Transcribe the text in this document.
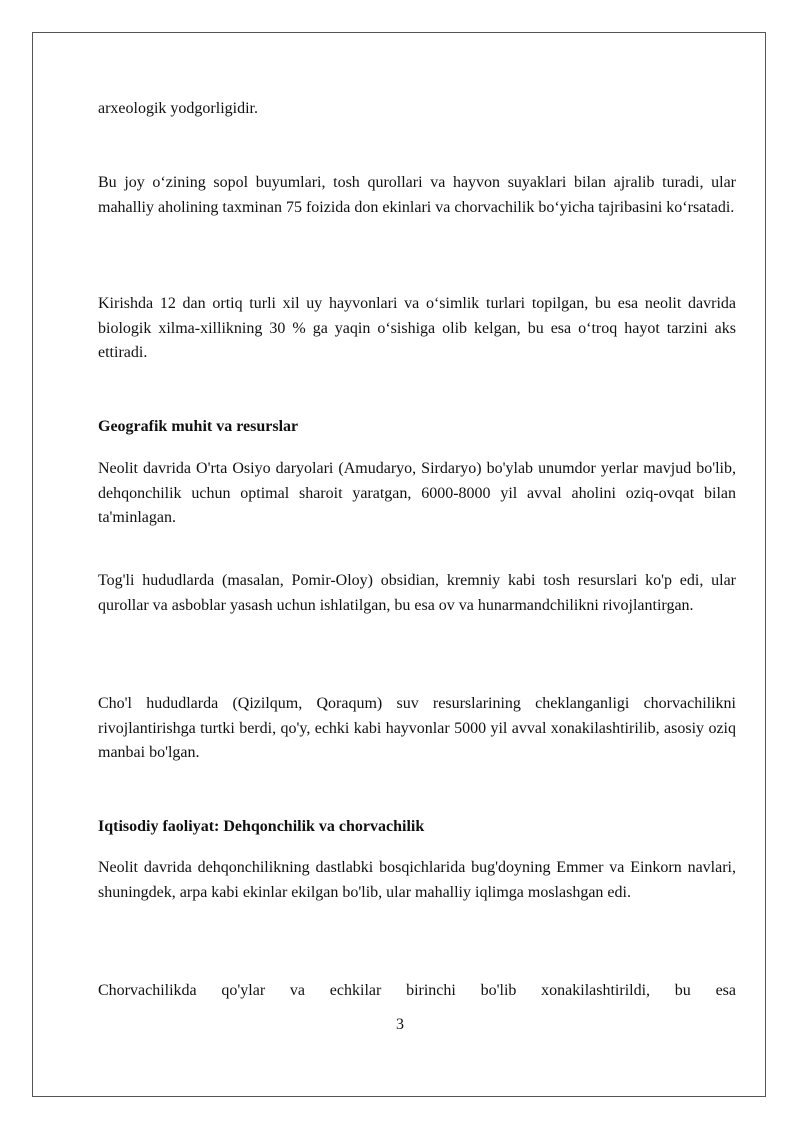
arxeologik yodgorligidir.

Bu joy o‘zining sopol buyumlari, tosh qurollari va hayvon suyaklari bilan ajralib turadi, ular mahalliy aholining taxminan 75 foizida don ekinlari va chorvachilik bo‘yicha tajribasini ko‘rsatadi.

Kirishda 12 dan ortiq turli xil uy hayvonlari va o‘simlik turlari topilgan, bu esa neolit davrida biologik xilma-xillikning 30 % ga yaqin o‘sishiga olib kelgan, bu esa o‘troq hayot tarzini aks ettiradi.

Geografik muhit va resurslar

Neolit davrida O'rta Osiyo daryolari (Amudaryo, Sirdaryo) bo'ylab unumdor yerlar mavjud bo'lib, dehqonchilik uchun optimal sharoit yaratgan, 6000-8000 yil avval aholini oziq-ovqat bilan ta'minlagan.

Tog'li hududlarda (masalan, Pomir-Oloy) obsidian, kremniy kabi tosh resurslari ko'p edi, ular qurollar va asboblar yasash uchun ishlatilgan, bu esa ov va hunarmandchilikni rivojlantirgan.

Cho'l hududlarda (Qizilqum, Qoraqum) suv resurslarining cheklanganligi chorvachilikni rivojlantirishga turtki berdi, qo'y, echki kabi hayvonlar 5000 yil avval xonakilashtirilib, asosiy oziq manbai bo'lgan.

Iqtisodiy faoliyat: Dehqonchilik va chorvachilik

Neolit davrida dehqonchilikning dastlabki bosqichlarida bug'doyning Emmer va Einkorn navlari, shuningdek, arpa kabi ekinlar ekilgan bo'lib, ular mahalliy iqlimga moslashgan edi.

Chorvachilikda qo'ylar va echkilar birinchi bo'lib xonakilashtirildi, bu esa

3
